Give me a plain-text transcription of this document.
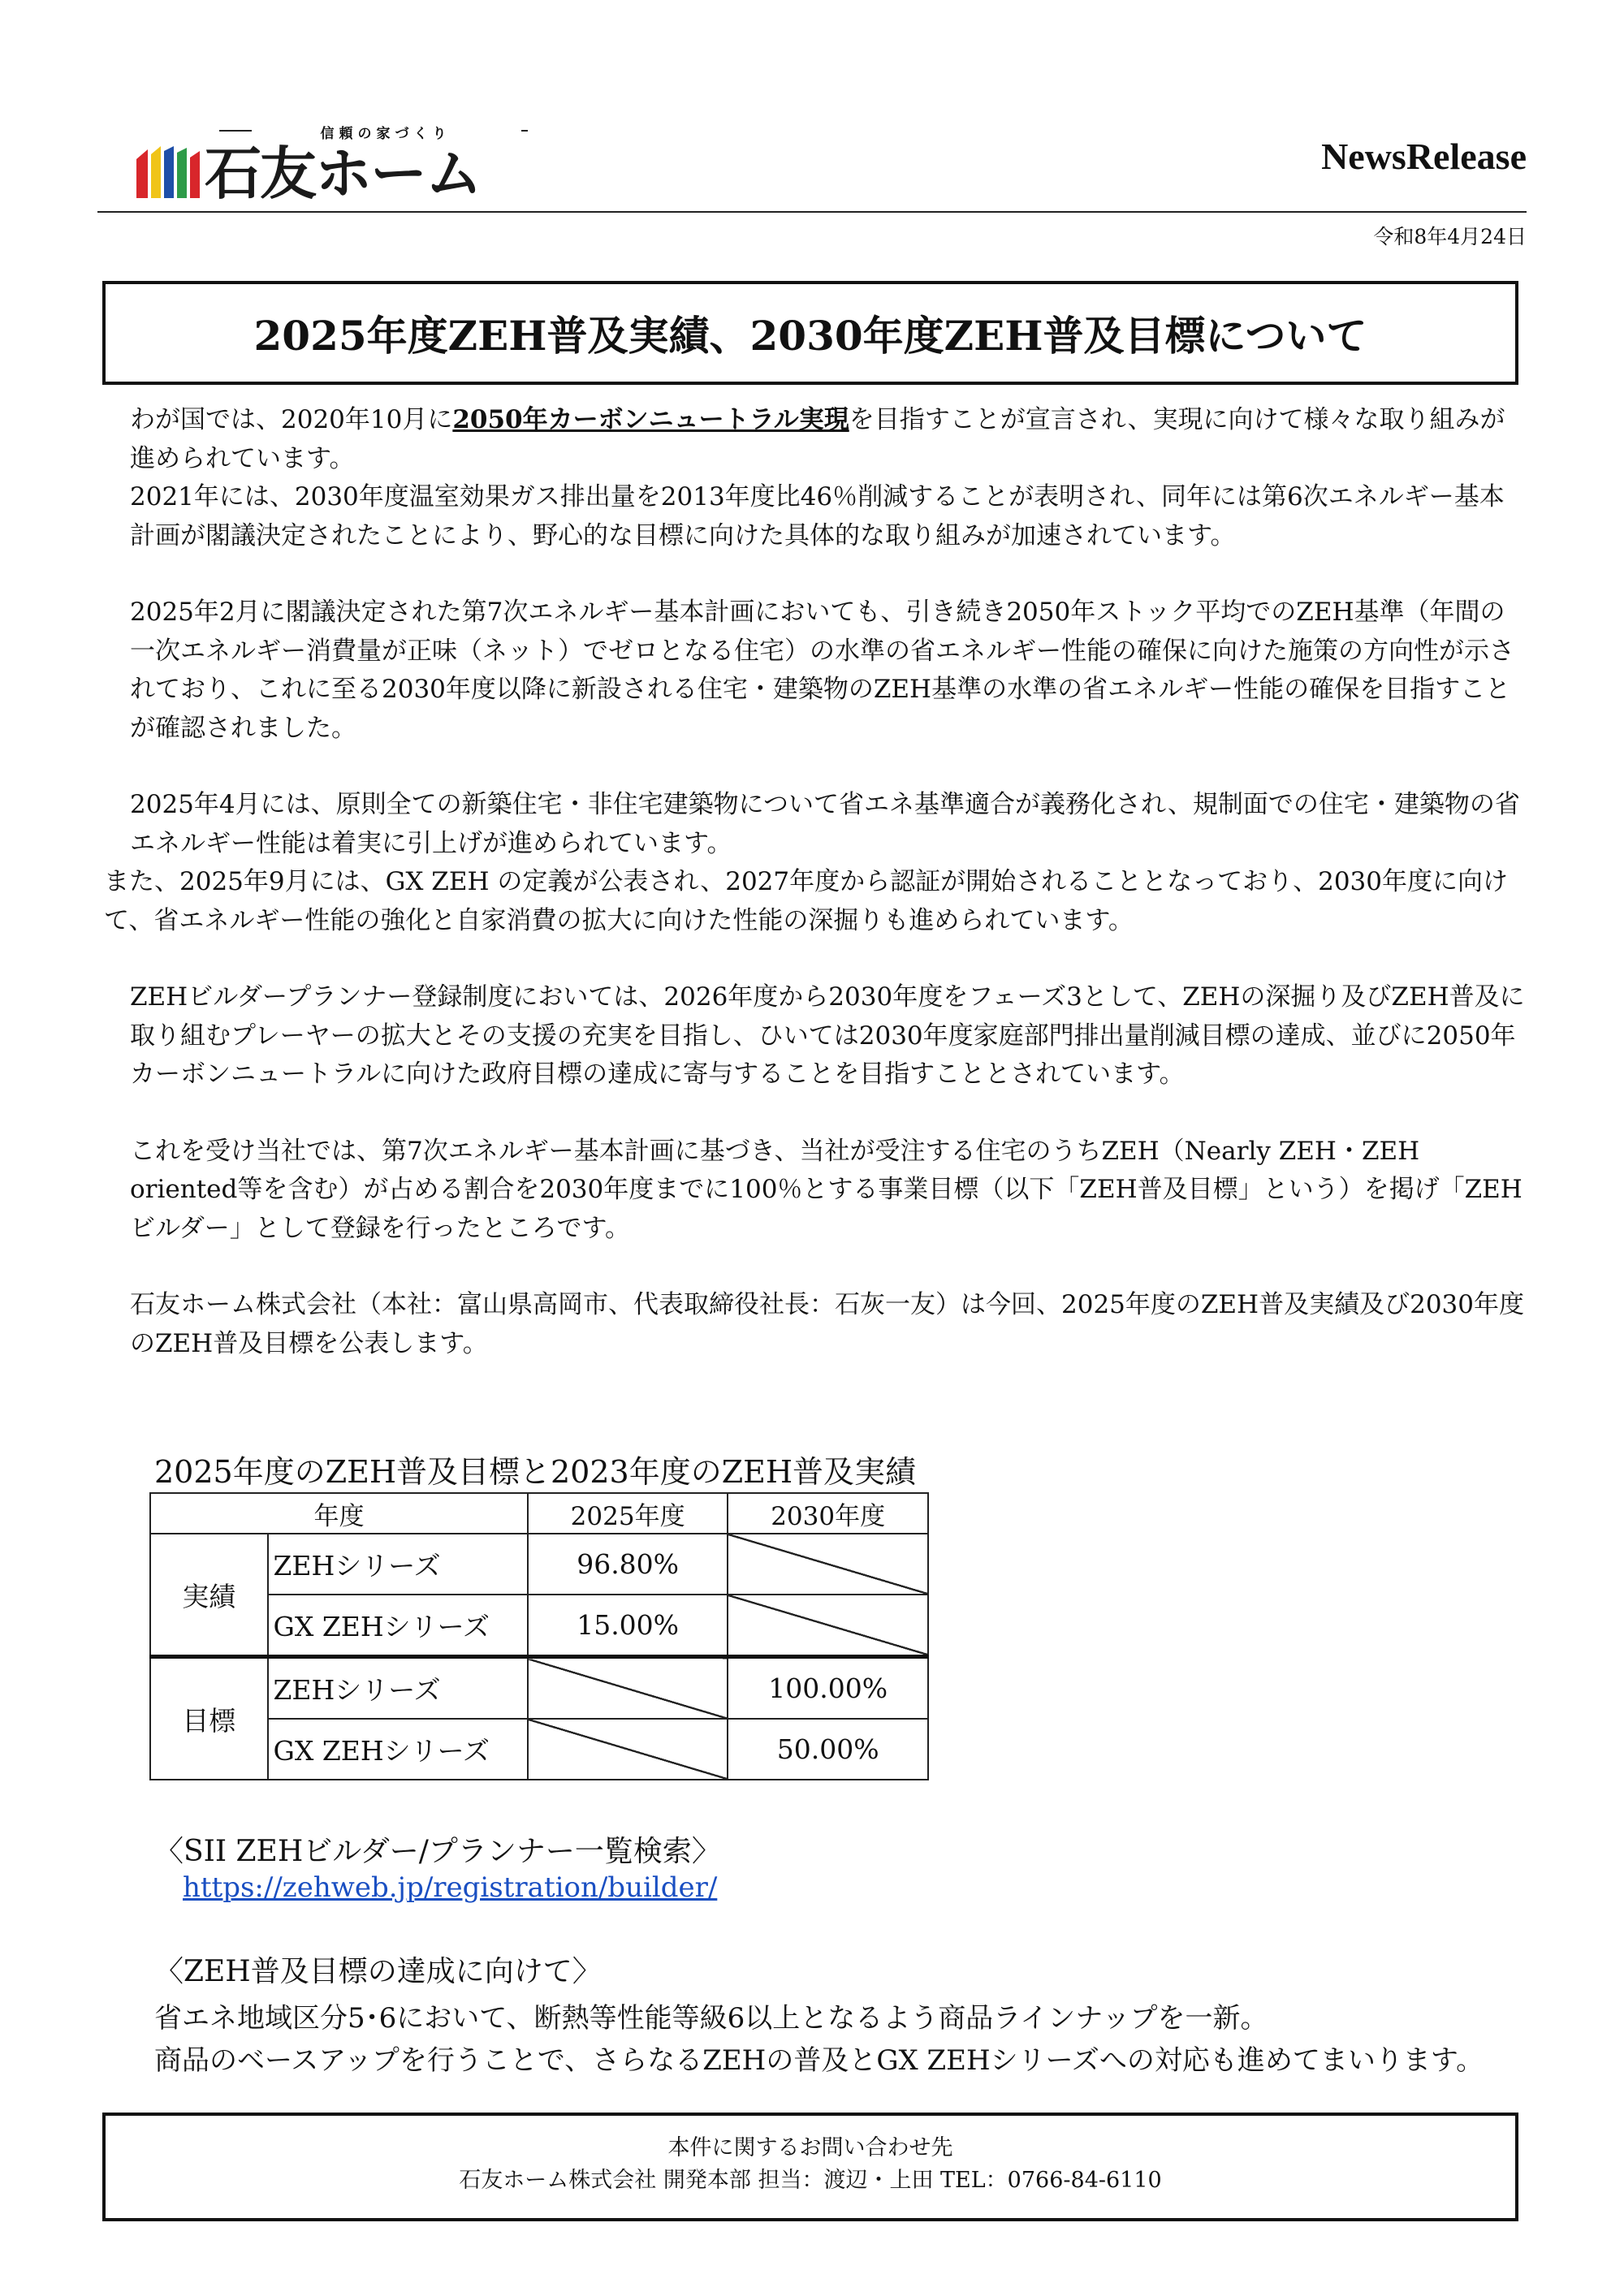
信頼の家づくり
石友ホーム	NewsRelease
令和8年4月24日
2025年度ZEH普及実績、2030年度ZEH普及目標について

わが国では、2020年10月に2050年カーボンニュートラル実現を目指すことが宣言され、実現に向けて様々な取り組みが進められています。

2021年には、2030年度温室効果ガス排出量を2013年度比46％削減することが表明され、同年には第6次エネルギー基本計画が閣議決定されたことにより、野心的な目標に向けた具体的な取り組みが加速されています。

2025年2月に閣議決定された第7次エネルギー基本計画においても、引き続き2050年ストック平均でのZEH基準（年間の一次エネルギー消費量が正味（ネット）でゼロとなる住宅）の水準の省エネルギー性能の確保に向けた施策の方向性が示されており、これに至る2030年度以降に新設される住宅・建築物のZEH基準の水準の省エネルギー性能の確保を目指すことが確認されました。

2025年4月には、原則全ての新築住宅・非住宅建築物について省エネ基準適合が義務化され、規制面での住宅・建築物の省エネルギー性能は着実に引上げが進められています。

また、2025年9月には、GX ZEH の定義が公表され、2027年度から認証が開始されることとなっており、2030年度に向けて、省エネルギー性能の強化と自家消費の拡大に向けた性能の深掘りも進められています。

ZEHビルダープランナー登録制度においては、2026年度から2030年度をフェーズ3として、ZEHの深掘り及びZEH普及に取り組むプレーヤーの拡大とその支援の充実を目指し、ひいては2030年度家庭部門排出量削減目標の達成、並びに2050年カーボンニュートラルに向けた政府目標の達成に寄与することを目指すこととされています。

これを受け当社では、第7次エネルギー基本計画に基づき、当社が受注する住宅のうちZEH（Nearly ZEH・ZEH oriented等を含む）が占める割合を2030年度までに100％とする事業目標（以下「ZEH普及目標」という）を掲げ「ZEHビルダー」として登録を行ったところです。

石友ホーム株式会社（本社：富山県高岡市、代表取締役社長：石灰一友）は今回、2025年度のZEH普及実績及び2030年度のZEH普及目標を公表します。

2025年度のZEH普及目標と2023年度のZEH普及実績
年度		2025年度	2030年度
実績	ZEHシリーズ	96.80%	
	GX ZEHシリーズ	15.00%	
目標	ZEHシリーズ		100.00%
	GX ZEHシリーズ		50.00%
〈SII ZEHビルダー/プランナー一覧検索〉
https://zehweb.jp/registration/builder/
〈ZEH普及目標の達成に向けて〉
省エネ地域区分5･6において、断熱等性能等級6以上となるよう商品ラインナップを一新。
商品のベースアップを行うことで、さらなるZEHの普及とGX ZEHシリーズへの対応も進めてまいります。
本件に関するお問い合わせ先
石友ホーム株式会社 開発本部 担当：渡辺・上田 TEL：0766-84-6110
